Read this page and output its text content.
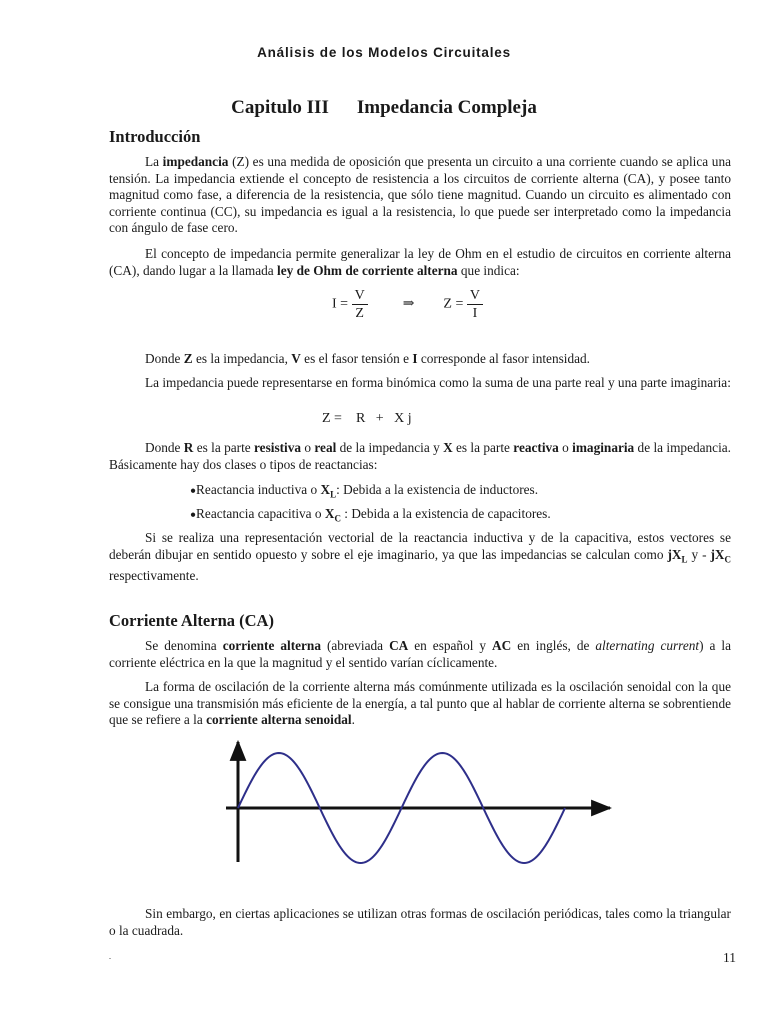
Análisis de los Modelos Circuitales
Capitulo III Impedancia Compleja
Introducción

La impedancia (Z) es una medida de oposición que presenta un circuito a una corriente cuando se aplica una tensión. La impedancia extiende el concepto de resistencia a los circuitos de corriente alterna (CA), y posee tanto magnitud como fase, a diferencia de la resistencia, que sólo tiene magnitud. Cuando un circuito es alimentado con corriente continua (CC), su impedancia es igual a la resistencia, lo que puede ser interpretado como la impedancia con ángulo de fase cero.

El concepto de impedancia permite generalizar la ley de Ohm en el estudio de circuitos en corriente alterna (CA), dando lugar a la llamada ley de Ohm de corriente alterna que indica:

$I = \frac{V}{Z}$	⇒ $Z = \frac{V}{I}$

Donde Z es la impedancia, V es el fasor tensión e I corresponde al fasor intensidad.

La impedancia puede representarse en forma binómica como la suma de una parte real y una parte imaginaria:

Z =    R   +   X j

Donde R es la parte resistiva o real de la impedancia y X es la parte reactiva o imaginaria de la impedancia. Básicamente hay dos clases o tipos de reactancias:

●Reactancia inductiva o $X_L$: Debida a la existencia de inductores.
●Reactancia capacitiva o $X_C$ : Debida a la existencia de capacitores.

Si se realiza una representación vectorial de la reactancia inductiva y de la capacitiva, estos vectores se deberán dibujar en sentido opuesto y sobre el eje imaginario, ya que las impedancias se calculan como $jX_L$ y - $jX_C$ respectivamente.

Corriente Alterna (CA)

Se denomina corriente alterna (abreviada CA en español y AC en inglés, de alternating current) a la corriente eléctrica en la que la magnitud y el sentido varían cíclicamente.

La forma de oscilación de la corriente alterna más comúnmente utilizada es la oscilación senoidal con la que se consigue una transmisión más eficiente de la energía, a tal punto que al hablar de corriente alterna se sobrentiende que se refiere a la corriente alterna senoidal.

Sin embargo, en ciertas aplicaciones se utilizan otras formas de oscilación periódicas, tales como la triangular o la cuadrada.

.	11
